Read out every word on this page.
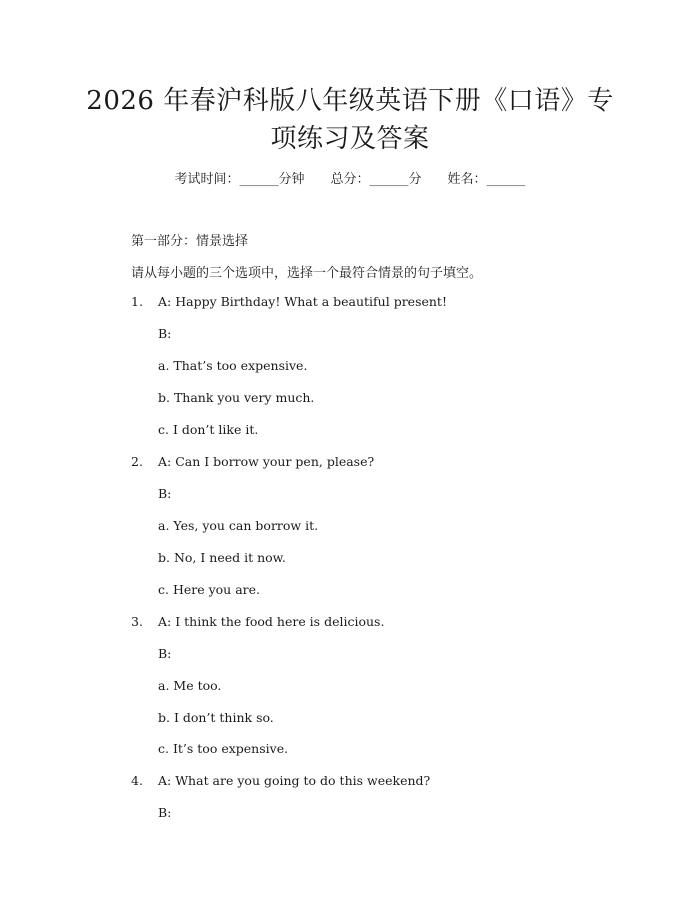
2026 年春沪科版八年级英语下册《口语》专
项练习及答案
考试时间：______分钟 总分：______分 姓名：______
第一部分：情景选择
请从每小题的三个选项中，选择一个最符合情景的句子填空。
1. A: Happy Birthday! What a beautiful present!
B:
a. That’s too expensive.
b. Thank you very much.
c. I don’t like it.
2. A: Can I borrow your pen, please?
B:
a. Yes, you can borrow it.
b. No, I need it now.
c. Here you are.
3. A: I think the food here is delicious.
B:
a. Me too.
b. I don’t think so.
c. It’s too expensive.
4. A: What are you going to do this weekend?
B:
